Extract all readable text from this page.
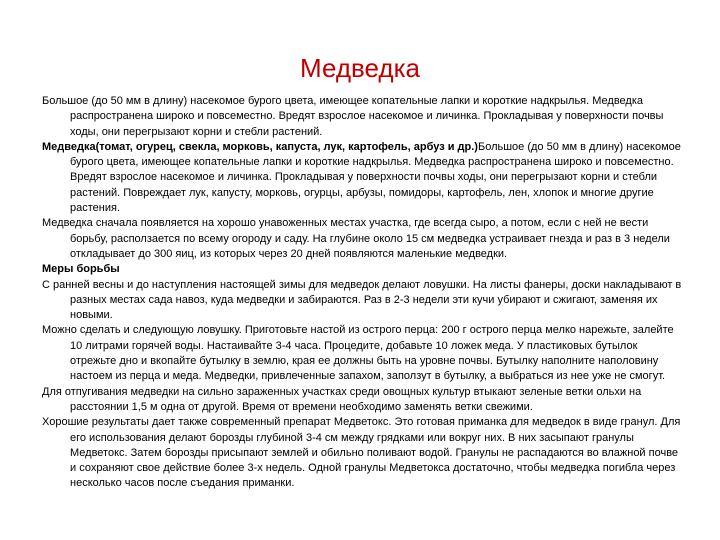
Медведка

Большое (до 50 мм в длину) насекомое бурого цвета, имеющее копательные лапки и короткие надкрылья. Медведка распространена широко и повсеместно. Вредят взрослое насекомое и личинка. Прокладывая у поверхности почвы ходы, они перегрызают корни и стебли растений.

Медведка(томат, огурец, свекла, морковь, капуста, лук, картофель, арбуз и др.)Большое (до 50 мм в длину) насекомое бурого цвета, имеющее копательные лапки и короткие надкрылья. Медведка распространена широко и повсеместно. Вредят взрослое насекомое и личинка. Прокладывая у поверхности почвы ходы, они перегрызают корни и стебли растений. Повреждает лук, капусту, морковь, огурцы, арбузы, помидоры, картофель, лен, хлопок и многие другие растения.

Медведка сначала появляется на хорошо унавоженных местах участка, где всегда сыро, а потом, если с ней не вести борьбу, расползается по всему огороду и саду. На глубине около 15 см медведка устраивает гнезда и раз в 3 недели откладывает до 300 яиц, из которых через 20 дней появляются маленькие медведки.

Меры борьбы

С ранней весны и до наступления настоящей зимы для медведок делают ловушки. На листы фанеры, доски накладывают в разных местах сада навоз, куда медведки и забираются. Раз в 2-3 недели эти кучи убирают и сжигают, заменяя их новыми.

Можно сделать и следующую ловушку. Приготовьте настой из острого перца: 200 г острого перца мелко нарежьте, залейте 10 литрами горячей воды. Настаивайте 3-4 часа. Процедите, добавьте 10 ложек меда. У пластиковых бутылок отрежьте дно и вкопайте бутылку в землю, края ее должны быть на уровне почвы. Бутылку наполните наполовину настоем из перца и меда. Медведки, привлеченные запахом, заползут в бутылку, а выбраться из нее уже не смогут.

Для отпугивания медведки на сильно зараженных участках среди овощных культур втыкают зеленые ветки ольхи на расстоянии 1,5 м одна от другой. Время от времени необходимо заменять ветки свежими.

Хорошие результаты дает также современный препарат Медветокс. Это готовая приманка для медведок в виде гранул. Для его использования делают борозды глубиной 3-4 см между грядками или вокруг них. В них засыпают гранулы Медветокс. Затем борозды присыпают землей и обильно поливают водой. Гранулы не распадаются во влажной почве и сохраняют свое действие более 3-х недель. Одной гранулы Медветокса достаточно, чтобы медведка погибла через несколько часов после съедания приманки.
